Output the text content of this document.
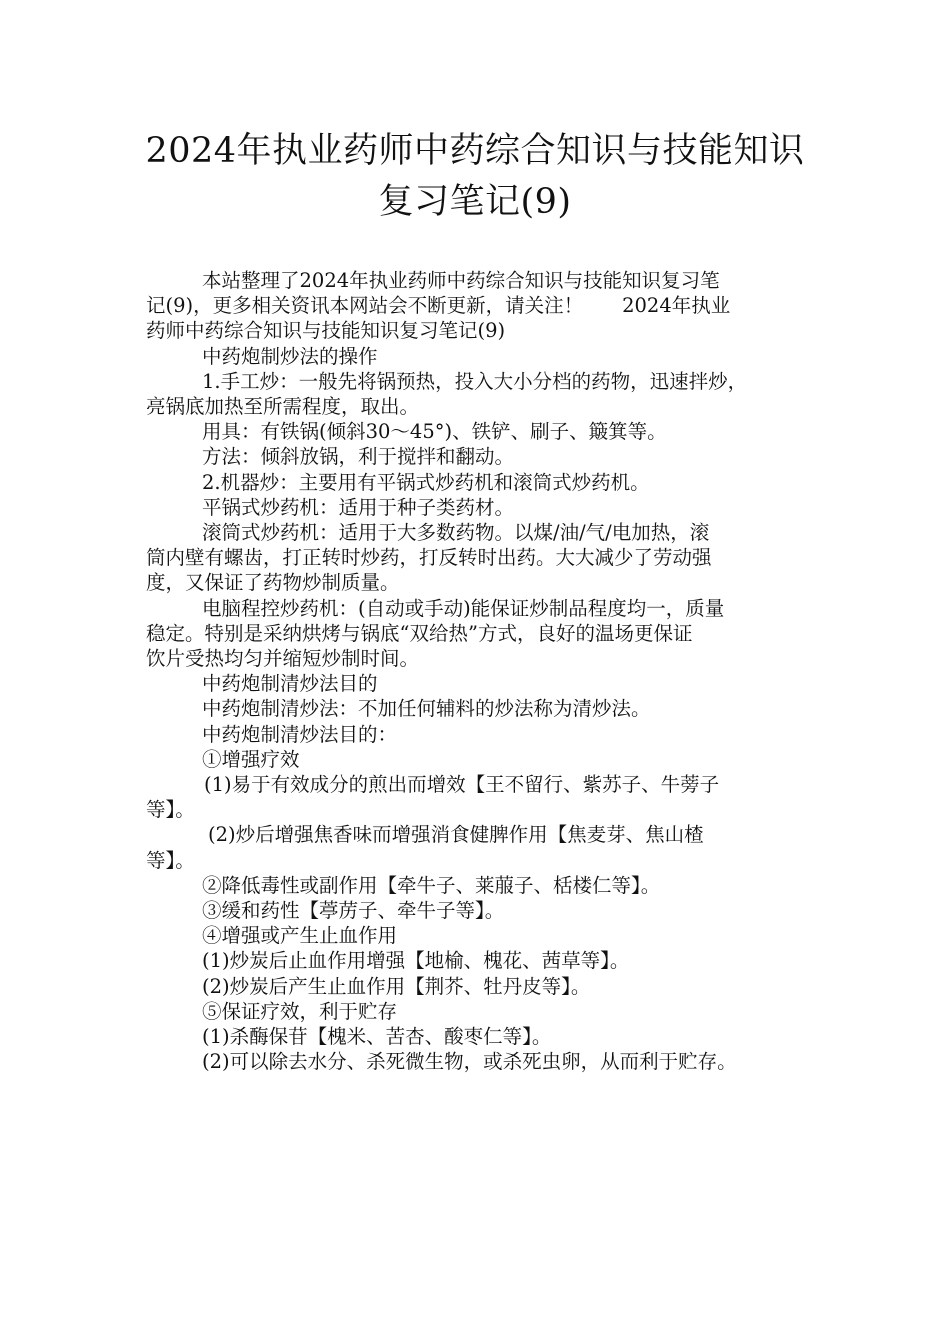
2024年执业药师中药综合知识与技能知识
复习笔记(9)

本站整理了2024年执业药师中药综合知识与技能知识复习笔
记(9)，更多相关资讯本网站会不断更新，请关注！　　2024年执业
药师中药综合知识与技能知识复习笔记(9)

中药炮制炒法的操作

1.手工炒：一般先将锅预热，投入大小分档的药物，迅速拌炒，
亮锅底加热至所需程度，取出。

用具：有铁锅(倾斜30～45°)、铁铲、刷子、簸箕等。

方法：倾斜放锅，利于搅拌和翻动。

2.机器炒：主要用有平锅式炒药机和滚筒式炒药机。

平锅式炒药机：适用于种子类药材。

滚筒式炒药机：适用于大多数药物。以煤/油/气/电加热，滚
筒内壁有螺齿，打正转时炒药，打反转时出药。大大减少了劳动强
度，又保证了药物炒制质量。

电脑程控炒药机：(自动或手动)能保证炒制品程度均一，质量
稳定。特别是采纳烘烤与锅底“双给热”方式，良好的温场更保证
饮片受热均匀并缩短炒制时间。

中药炮制清炒法目的

中药炮制清炒法：不加任何辅料的炒法称为清炒法。

中药炮制清炒法目的：

①增强疗效

(1)易于有效成分的煎出而增效【王不留行、紫苏子、牛蒡子
等】。

(2)炒后增强焦香味而增强消食健脾作用【焦麦芽、焦山楂
等】。

②降低毒性或副作用【牵牛子、莱菔子、栝楼仁等】。

③缓和药性【葶苈子、牵牛子等】。

④增强或产生止血作用

(1)炒炭后止血作用增强【地榆、槐花、茜草等】。

(2)炒炭后产生止血作用【荆芥、牡丹皮等】。

⑤保证疗效，利于贮存

(1)杀酶保苷【槐米、苦杏、酸枣仁等】。

(2)可以除去水分、杀死微生物，或杀死虫卵，从而利于贮存。
